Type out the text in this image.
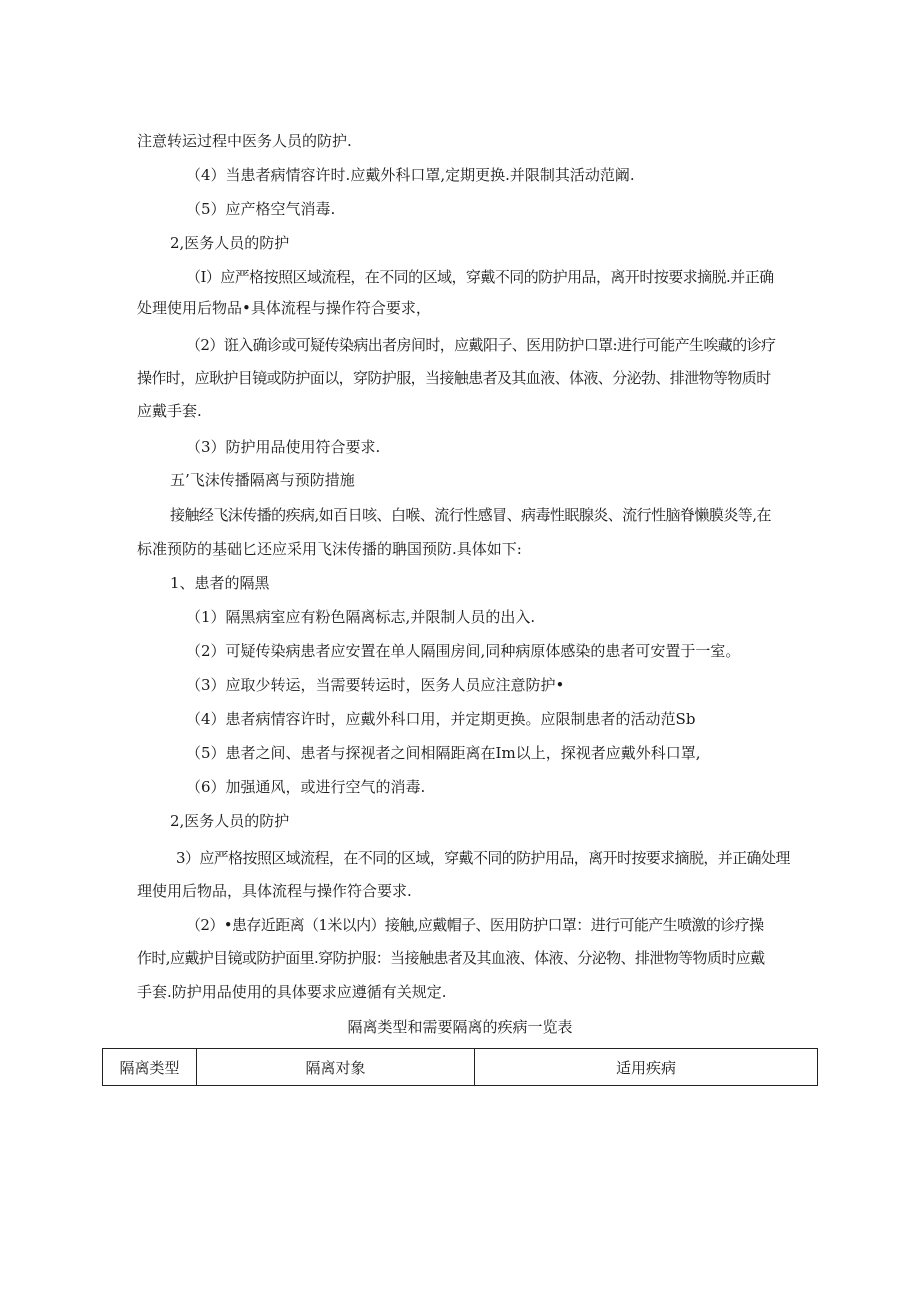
注意转运过程中医务人员的防护.
（4）当患者病情容许时.应戴外科口罩,定期更换.并限制其活动范阚.
（5）应产格空气消毒.
2,医务人员的防护
（I）应严格按照区域流程，在不同的区域，穿戴不同的防护用品，离开时按要求摘脱.并正确
处理使用后物品•具体流程与操作符合要求，
（2）诳入确诊或可疑传染病出者房间时，应戴阳子、医用防护口罩:进行可能产生唉藏的诊疗
操作时，应耿护目镜或防护面以，穿防护服，当接触患者及其血液、体液、分泌勃、排泄物等物质时
应戴手套.
（3）防护用品使用符合要求.
五’飞沫传播隔离与预防措施
接触经飞沫传播的疾病,如百日咳、白喉、流行性感冒、病毒性眠腺炎、流行性脑脊懒膜炎等,在
标准预防的基础匕还应采用飞沫传播的聃国预防.具体如下:
1、患者的隔黑
（1）隔黑病室应有粉色隔离标志,并限制人员的出入.
（2）可疑传染病患者应安置在单人隔围房间,同种病原体感染的患者可安置于一室。
（3）应取少转运，当需要转运时，医务人员应注意防护•
（4）患者病情容许时，应戴外科口用，并定期更换。应限制患者的活动范Sb
（5）患者之间、患者与探视者之间相隔距离在Im以上，探视者应戴外科口罩,
（6）加强通风，或进行空气的消毒.
2,医务人员的防护
3）应严格按照区域流程，在不同的区域，穿戴不同的防护用品，离开时按要求摘脱，并正确处理
理使用后物品，具体流程与操作符合要求.
（2）•患存近距离（1米以内）接触,应戴帽子、医用防护口罩：进行可能产生喷激的诊疗操
作时,应戴护目镜或防护面里.穿防护服：当接触患者及其血液、体液、分泌物、排泄物等物质时应戴
手套.防护用品使用的具体要求应遵循有关规定.
隔离类型和需要隔离的疾病一览表
隔离类型	隔离对象	适用疾病
